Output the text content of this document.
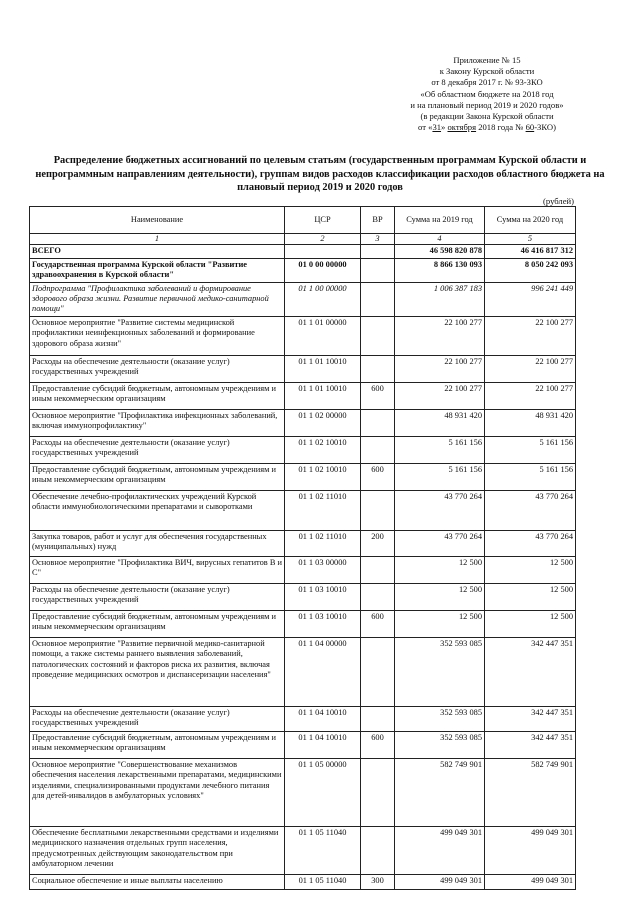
Приложение № 15
к Закону Курской области
от 8 декабря 2017 г. № 93-ЗКО
«Об областном бюджете на 2018 год
и на плановый период 2019 и 2020 годов»
(в редакции Закона Курской области
от «31» октября 2018 года № 60-ЗКО)
Распределение бюджетных ассигнований по целевым статьям (государственным программам Курской области и непрограммным направлениям деятельности), группам видов расходов классификации расходов областного бюджета на плановый период 2019 и 2020 годов
(рублей)
Наименование	ЦСР	ВР	Сумма на 2019 год	Сумма на 2020 год
1	2	3	4	5
ВСЕГО			46 598 820 878	46 416 817 312
Государственная программа Курской области "Развитие здравоохранения в Курской области"	01 0 00 00000		8 866 130 093	8 050 242 093
Подпрограмма "Профилактика заболеваний и формирование здорового образа жизни. Развитие первичной медико-санитарной помощи"	01 1 00 00000		1 006 387 183	996 241 449
Основное мероприятие "Развитие системы медицинской профилактики неинфекционных заболеваний и формирование здорового образа жизни"	01 1 01 00000		22 100 277	22 100 277
Расходы на обеспечение деятельности (оказание услуг) государственных учреждений	01 1 01 10010		22 100 277	22 100 277
Предоставление субсидий бюджетным, автономным учреждениям и иным некоммерческим организациям	01 1 01 10010	600	22 100 277	22 100 277
Основное мероприятие "Профилактика инфекционных заболеваний, включая иммунопрофилактику"	01 1 02 00000		48 931 420	48 931 420
Расходы на обеспечение деятельности (оказание услуг) государственных учреждений	01 1 02 10010		5 161 156	5 161 156
Предоставление субсидий бюджетным, автономным учреждениям и иным некоммерческим организациям	01 1 02 10010	600	5 161 156	5 161 156
Обеспечение лечебно-профилактических учреждений Курской области иммунобиологическими препаратами и сыворотками	01 1 02 11010		43 770 264	43 770 264
Закупка товаров, работ и услуг для обеспечения государственных (муниципальных) нужд	01 1 02 11010	200	43 770 264	43 770 264
Основное мероприятие "Профилактика ВИЧ, вирусных гепатитов В и С"	01 1 03 00000		12 500	12 500
Расходы на обеспечение деятельности (оказание услуг) государственных учреждений	01 1 03 10010		12 500	12 500
Предоставление субсидий бюджетным, автономным учреждениям и иным некоммерческим организациям	01 1 03 10010	600	12 500	12 500
Основное мероприятие "Развитие первичной медико-санитарной помощи, а также системы раннего выявления заболеваний, патологических состояний и факторов риска их развития, включая проведение медицинских осмотров и диспансеризации населения"	01 1 04 00000		352 593 085	342 447 351
Расходы на обеспечение деятельности (оказание услуг) государственных учреждений	01 1 04 10010		352 593 085	342 447 351
Предоставление субсидий бюджетным, автономным учреждениям и иным некоммерческим организациям	01 1 04 10010	600	352 593 085	342 447 351
Основное мероприятие "Совершенствование механизмов обеспечения населения лекарственными препаратами, медицинскими изделиями, специализированными продуктами лечебного питания для детей-инвалидов в амбулаторных условиях"	01 1 05 00000		582 749 901	582 749 901
Обеспечение бесплатными лекарственными средствами и изделиями медицинского назначения отдельных групп населения, предусмотренных действующим законодательством при амбулаторном лечении	01 1 05 11040		499 049 301	499 049 301
Социальное обеспечение и иные выплаты населению	01 1 05 11040	300	499 049 301	499 049 301
